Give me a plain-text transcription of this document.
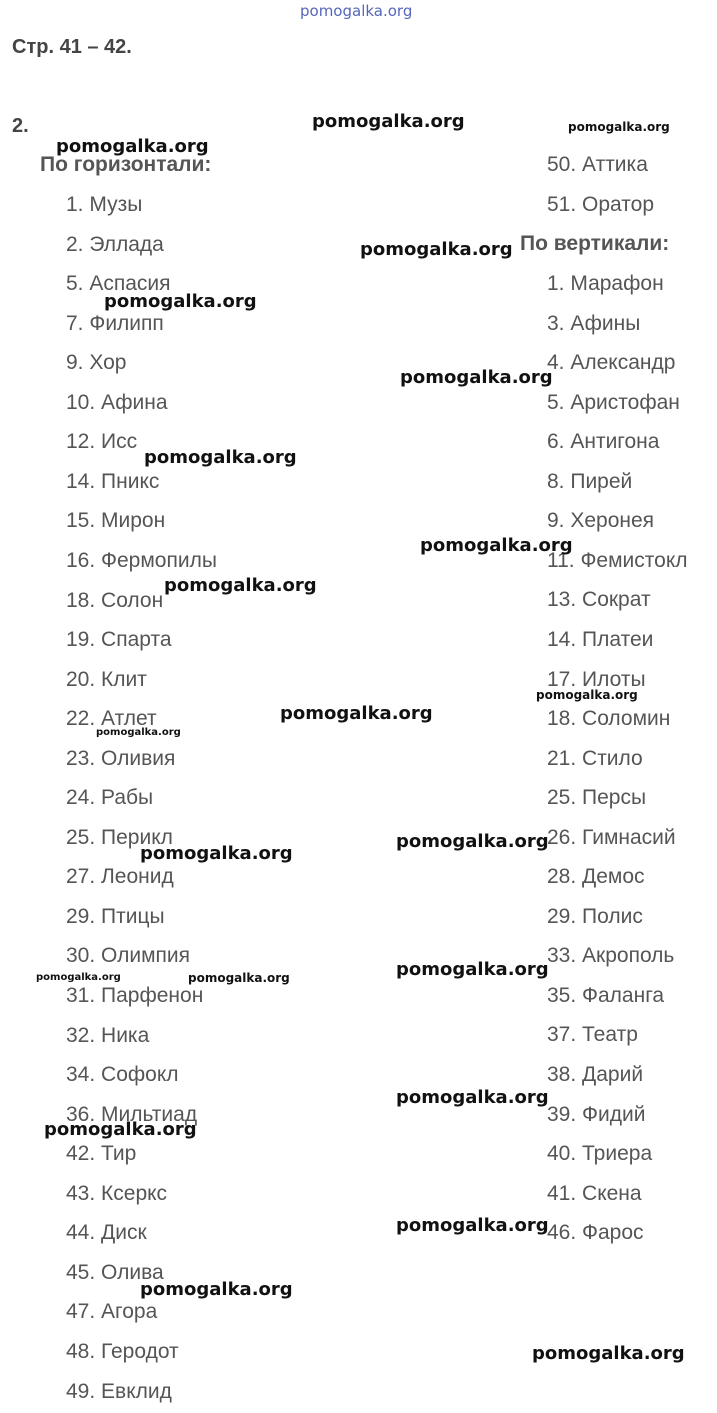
pomogalka.org
Стр. 41 – 42.
2.
По горизонтали:
1. Музы
2. Эллада
5. Аспасия
7. Филипп
9. Хор
10. Афина
12. Исс
14. Пникс
15. Мирон
16. Фермопилы
18. Солон
19. Спарта
20. Клит
22. Атлет
23. Оливия
24. Рабы
25. Перикл
27. Леонид
29. Птицы
30. Олимпия
31. Парфенон
32. Ника
34. Софокл
36. Мильтиад
42. Тир
43. Ксеркс
44. Диск
45. Олива
47. Агора
48. Геродот
49. Евклид
50. Аттика
51. Оратор
По вертикали:
1. Марафон
3. Афины
4. Александр
5. Аристофан
6. Антигона
8. Пирей
9. Херонея
11. Фемистокл
13. Сократ
14. Платеи
17. Илоты
18. Соломин
21. Стило
25. Персы
26. Гимнасий
28. Демос
29. Полис
33. Акрополь
35. Фаланга
37. Театр
38. Дарий
39. Фидий
40. Триера
41. Скена
46. Фарос
pomogalka.org
pomogalka.org	pomogalka.org
pomogalka.org
pomogalka.org
pomogalka.org
pomogalka.org
pomogalka.org
pomogalka.org
pomogalka.org
pomogalka.org
pomogalka.org
pomogalka.org
pomogalka.org
pomogalka.org
pomogalka.org	pomogalka.org
pomogalka.org
pomogalka.org
pomogalka.org
pomogalka.org
pomogalka.org
